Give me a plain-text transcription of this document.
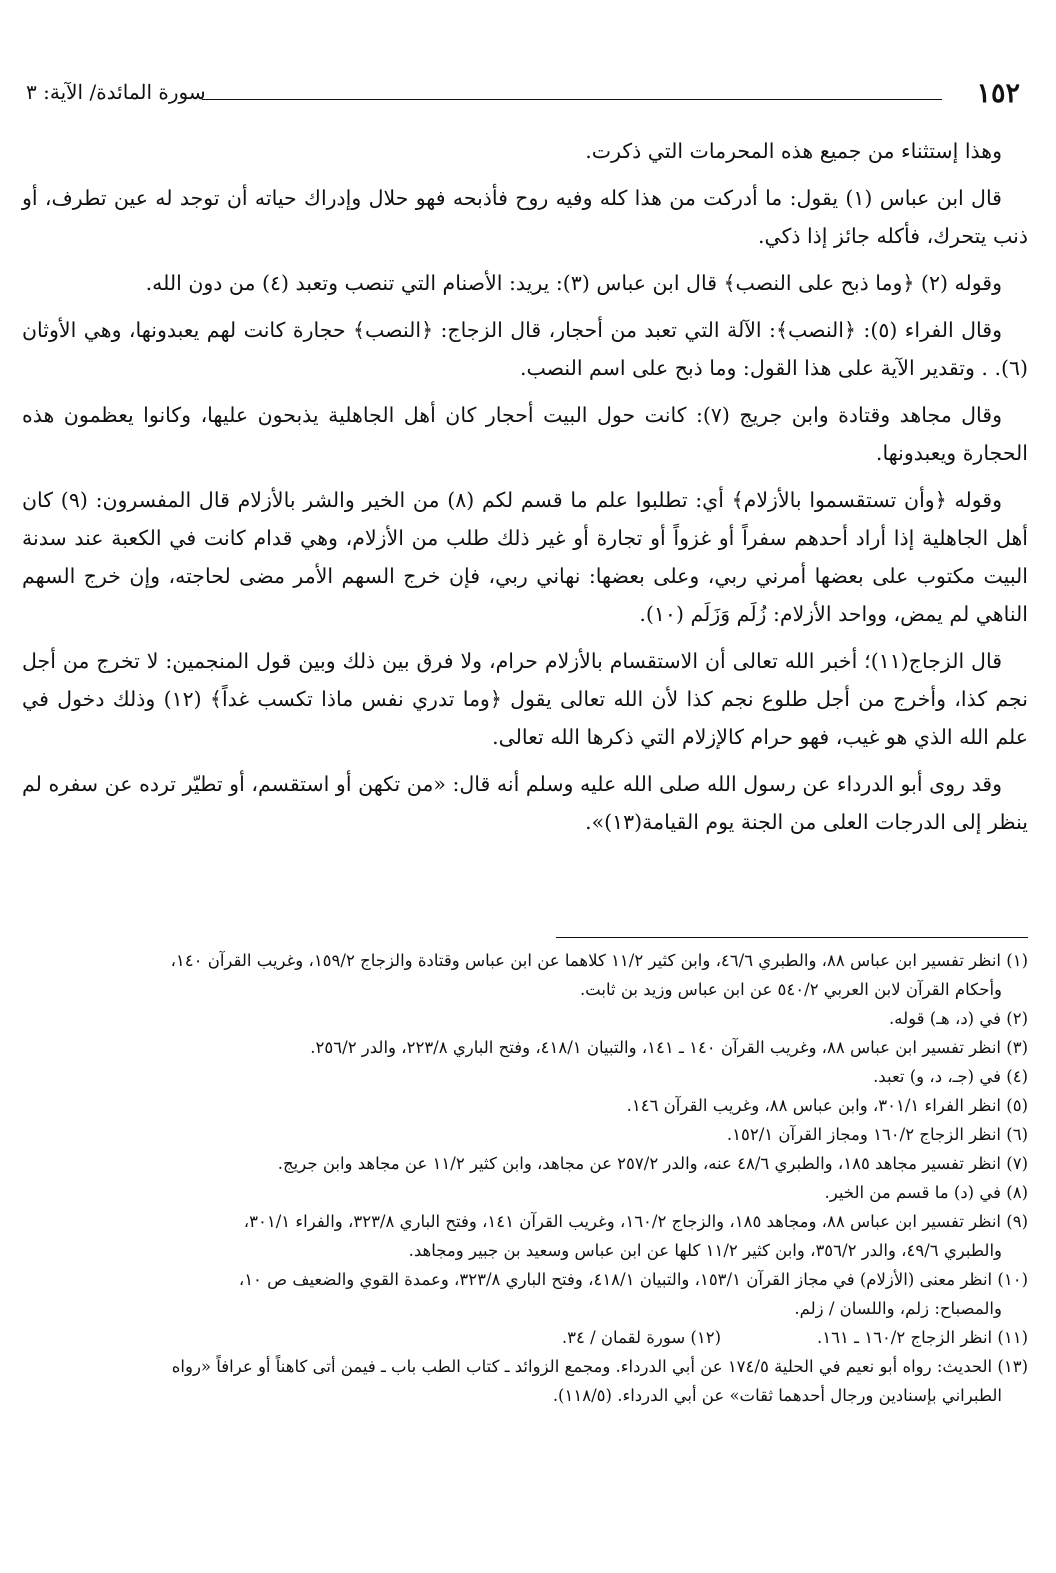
١٥٢
سورة المائدة/ الآية: ٣

وهذا إستثناء من جميع هذه المحرمات التي ذكرت.

قال ابن عباس (١) يقول: ما أدركت من هذا كله وفيه روح فأذبحه فهو حلال وإدراك حياته أن توجد له عين تطرف، أو ذنب يتحرك، فأكله جائز إذا ذكي.

وقوله (٢) ﴿وما ذبح على النصب﴾ قال ابن عباس (٣): يريد: الأصنام التي تنصب وتعبد (٤) من دون الله.

وقال الفراء (٥): ﴿النصب﴾: الآلة التي تعبد من أحجار، قال الزجاج: ﴿النصب﴾ حجارة كانت لهم يعبدونها، وهي الأوثان (٦). . وتقدير الآية على هذا القول: وما ذبح على اسم النصب.

وقال مجاهد وقتادة وابن جريج (٧): كانت حول البيت أحجار كان أهل الجاهلية يذبحون عليها، وكانوا يعظمون هذه الحجارة ويعبدونها.

وقوله ﴿وأن تستقسموا بالأزلام﴾ أي: تطلبوا علم ما قسم لكم (٨) من الخير والشر بالأزلام قال المفسرون: (٩) كان أهل الجاهلية إذا أراد أحدهم سفراً أو غزواً أو تجارة أو غير ذلك طلب من الأزلام، وهي قدام كانت في الكعبة عند سدنة البيت مكتوب على بعضها أمرني ربي، وعلى بعضها: نهاني ربي، فإن خرج السهم الأمر مضى لحاجته، وإن خرج السهم الناهي لم يمض، وواحد الأزلام: زُلَم وَزَلَم (١٠).

قال الزجاج(١١)؛ أخبر الله تعالى أن الاستقسام بالأزلام حرام، ولا فرق بين ذلك وبين قول المنجمين: لا تخرج من أجل نجم كذا، وأخرج من أجل طلوع نجم كذا لأن الله تعالى يقول ﴿وما تدري نفس ماذا تكسب غداً﴾ (١٢) وذلك دخول في علم الله الذي هو غيب، فهو حرام كالإزلام التي ذكرها الله تعالى.

وقد روى أبو الدرداء عن رسول الله صلى الله عليه وسلم أنه قال: «من تكهن أو استقسم، أو تطيّر ترده عن سفره لم ينظر إلى الدرجات العلى من الجنة يوم القيامة(١٣)».

(١) انظر تفسير ابن عباس ٨٨، والطبري ٤٦/٦، وابن كثير ١١/٢ كلاهما عن ابن عباس وقتادة والزجاج ١٥٩/٢، وغريب القرآن ١٤٠،
وأحكام القرآن لابن العربي ٥٤٠/٢ عن ابن عباس وزيد بن ثابت.

(٢) في (د، هـ) قوله.

(٣) انظر تفسير ابن عباس ٨٨، وغريب القرآن ١٤٠ ـ ١٤١، والتبيان ٤١٨/١، وفتح الباري ٢٢٣/٨، والدر ٢٥٦/٢.

(٤) في (جـ، د، و) تعبد.

(٥) انظر الفراء ٣٠١/١، وابن عباس ٨٨، وغريب القرآن ١٤٦.

(٦) انظر الزجاج ١٦٠/٢ ومجاز القرآن ١٥٢/١.

(٧) انظر تفسير مجاهد ١٨٥، والطبري ٤٨/٦ عنه، والدر ٢٥٧/٢ عن مجاهد، وابن كثير ١١/٢ عن مجاهد وابن جريج.

(٨) في (د) ما قسم من الخير.

(٩) انظر تفسير ابن عباس ٨٨، ومجاهد ١٨٥، والزجاج ١٦٠/٢، وغريب القرآن ١٤١، وفتح الباري ٣٢٣/٨، والفراء ٣٠١/١،
والطبري ٤٩/٦، والدر ٣٥٦/٢، وابن كثير ١١/٢ كلها عن ابن عباس وسعيد بن جبير ومجاهد.

(١٠) انظر معنى (الأزلام) في مجاز القرآن ١٥٣/١، والتبيان ٤١٨/١، وفتح الباري ٣٢٣/٨، وعمدة القوي والضعيف ص ١٠،
والمصباح: زلم، واللسان / زلم.

(١١) انظر الزجاج ١٦٠/٢ ـ ١٦١.
(١٢) سورة لقمان / ٣٤.

(١٣) الحديث: رواه أبو نعيم في الحلية ١٧٤/٥ عن أبي الدرداء. ومجمع الزوائد ـ كتاب الطب باب ـ فيمن أتى كاهناً أو عرافاً «رواه
الطبراني بإسنادين ورجال أحدهما ثقات» عن أبي الدرداء. (١١٨/٥).
